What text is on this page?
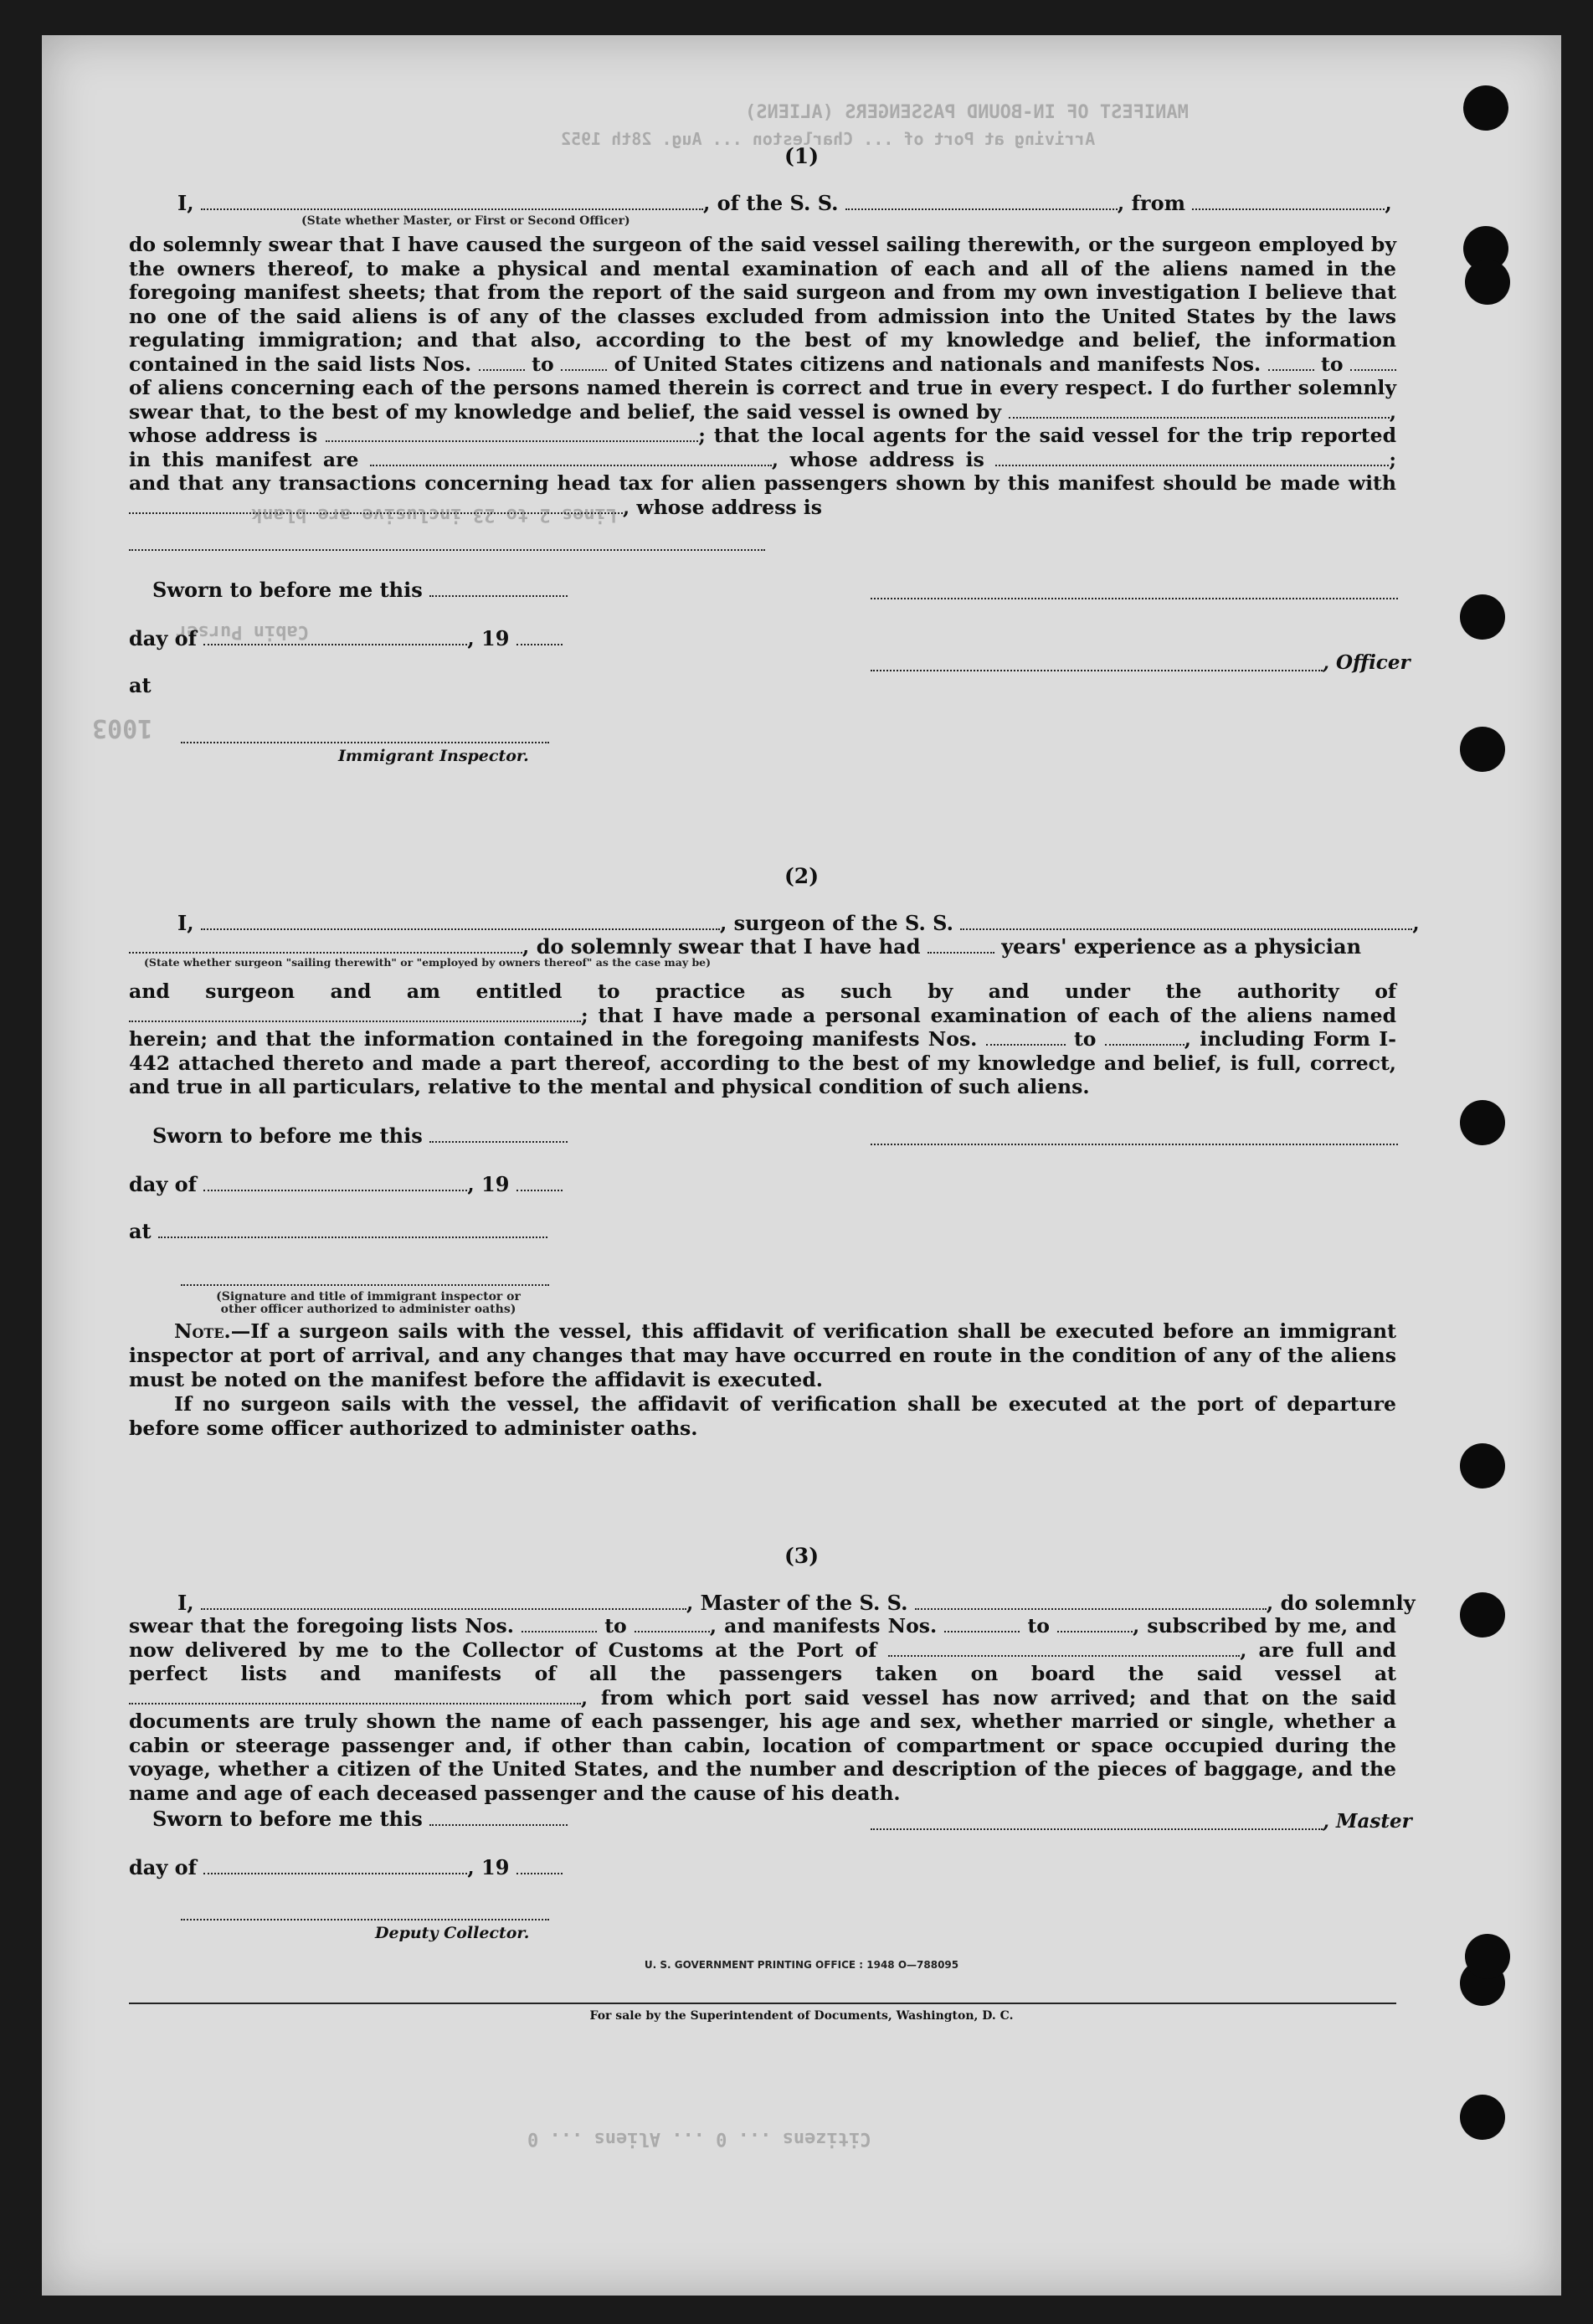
MANIFEST OF IN-BOUND PASSENGERS (ALIENS)
Arriving at Port of ... Charleston ... Aug. 28th 1952
Lines 2 to 23 inclusive are blank
Cabin Purser
1003
Citizens ... 0 ... Aliens ... 0
(1)
I,	, of the S. S.	, from	,
(State whether Master, or First or Second Officer)

do solemnly swear that I have caused the surgeon of the said vessel sailing therewith, or the surgeon employed by the owners thereof, to make a physical and mental examination of each and all of the aliens named in the foregoing manifest sheets; that from the report of the said surgeon and from my own investigation I believe that no one of the said aliens is of any of the classes excluded from admission into the United States by the laws regulating immigration; and that also, according to the best of my knowledge and belief, the information contained in the said lists Nos.	to	of United States citizens and nationals and manifests Nos.	to  of aliens concerning each of the persons named therein is correct and true in every respect. I do further solemnly swear that, to the best of my knowledge and belief, the said vessel is owned by	, whose address is	; that the local agents for the said vessel for the trip reported in this manifest are	, whose address is	; and that any transactions concerning head tax for alien passengers shown by this manifest should be made with , whose address is

Sworn to before me this
day of	, 19
, Officer
at
Immigrant Inspector.
(2)
I,	, surgeon of the S. S.	,
, do solemnly swear that I have had	years' experience as a physician
(State whether surgeon "sailing therewith" or "employed by owners thereof" as the case may be)

and surgeon and am entitled to practice as such by and under the authority of ; that I have made a personal examination of each of the aliens named herein; and that the information contained in the foregoing manifests Nos.	to	, including Form I-442 attached thereto and made a part thereof, according to the best of my knowledge and belief, is full, correct, and true in all particulars, relative to the mental and physical condition of such aliens.

Sworn to before me this
day of	, 19
at
(Signature and title of immigrant inspector or
other officer authorized to administer oaths)

Note.—If a surgeon sails with the vessel, this affidavit of verification shall be executed before an immigrant inspector at port of arrival, and any changes that may have occurred en route in the condition of any of the aliens must be noted on the manifest before the affidavit is executed.

If no surgeon sails with the vessel, the affidavit of verification shall be executed at the port of departure before some officer authorized to administer oaths.

(3)
I,	, Master of the S. S.	, do solemnly

swear that the foregoing lists Nos.	to	, and manifests Nos.	to	, subscribed by me, and now delivered by me to the Collector of Customs at the Port of	, are full and perfect lists and manifests of all the passengers taken on board the said vessel at , from which port said vessel has now arrived; and that on the said documents are truly shown the name of each passenger, his age and sex, whether married or single, whether a cabin or steerage passenger and, if other than cabin, location of compartment or space occupied during the voyage, whether a citizen of the United States, and the number and description of the pieces of baggage, and the name and age of each deceased passenger and the cause of his death.

Sworn to before me this	, Master
day of	, 19
Deputy Collector.
U. S. GOVERNMENT PRINTING OFFICE : 1948 O—788095
For sale by the Superintendent of Documents, Washington, D. C.
